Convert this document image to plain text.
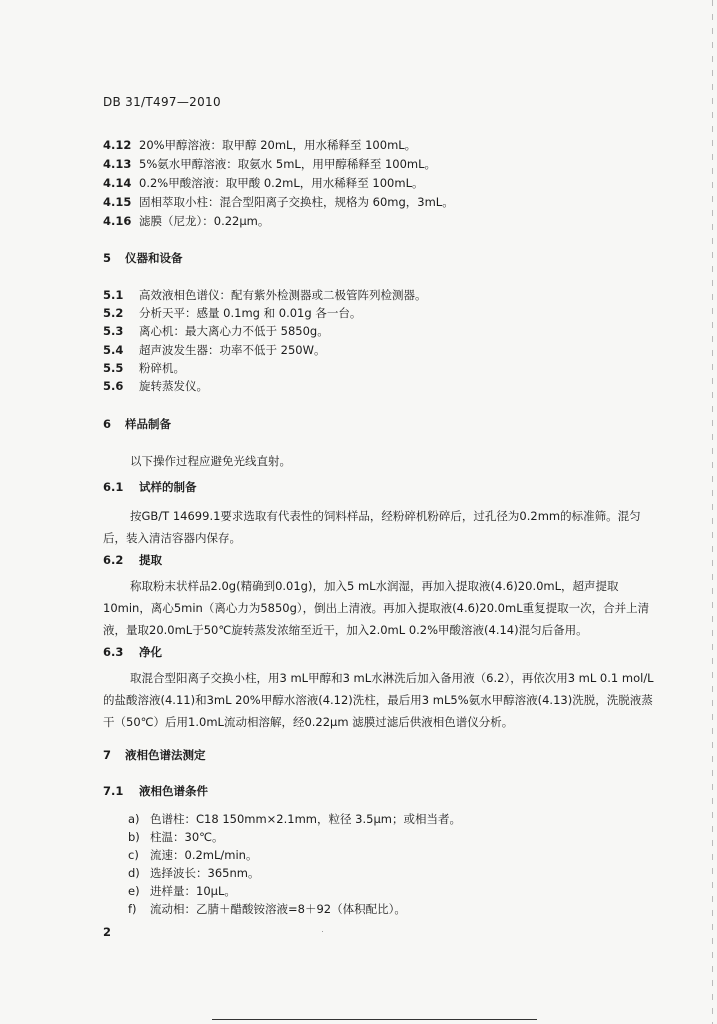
DB 31/T497—2010
4.12 20%甲醇溶液：取甲醇 20mL，用水稀释至 100mL。
4.13 5%氨水甲醇溶液：取氨水 5mL，用甲醇稀释至 100mL。
4.14 0.2%甲酸溶液：取甲酸 0.2mL，用水稀释至 100mL。
4.15 固相萃取小柱：混合型阳离子交换柱，规格为 60mg，3mL。
4.16 滤膜（尼龙）：0.22μm。
5 仪器和设备
5.1 高效液相色谱仪：配有紫外检测器或二极管阵列检测器。
5.2 分析天平：感量 0.1mg 和 0.01g 各一台。
5.3 离心机：最大离心力不低于 5850g。
5.4 超声波发生器：功率不低于 250W。
5.5 粉碎机。
5.6 旋转蒸发仪。
6 样品制备
以下操作过程应避免光线直射。
6.1 试样的制备
按GB/T 14699.1要求选取有代表性的饲料样品，经粉碎机粉碎后，过孔径为0.2mm的标准筛。混匀后，装入清洁容器内保存。
6.2 提取
称取粉末状样品2.0g(精确到0.01g)，加入5 mL水润湿，再加入提取液(4.6)20.0mL，超声提取10min，离心5min（离心力为5850g），倒出上清液。再加入提取液(4.6)20.0mL重复提取一次，合并上清液，量取20.0mL于50℃旋转蒸发浓缩至近干，加入2.0mL 0.2%甲酸溶液(4.14)混匀后备用。
6.3 净化
取混合型阳离子交换小柱，用3 mL甲醇和3 mL水淋洗后加入备用液（6.2），再依次用3 mL 0.1 mol/L的盐酸溶液(4.11)和3mL 20%甲醇水溶液(4.12)洗柱，最后用3 mL5%氨水甲醇溶液(4.13)洗脱，洗脱液蒸干（50℃）后用1.0mL流动相溶解，经0.22μm 滤膜过滤后供液相色谱仪分析。
7 液相色谱法测定
7.1 液相色谱条件
a) 色谱柱：C18 150mm×2.1mm，粒径 3.5μm；或相当者。
b) 柱温：30℃。
c) 流速：0.2mL/min。
d) 选择波长：365nm。
e) 进样量：10μL。
f) 流动相：乙腈＋醋酸铵溶液=8＋92（体积配比）。
2
